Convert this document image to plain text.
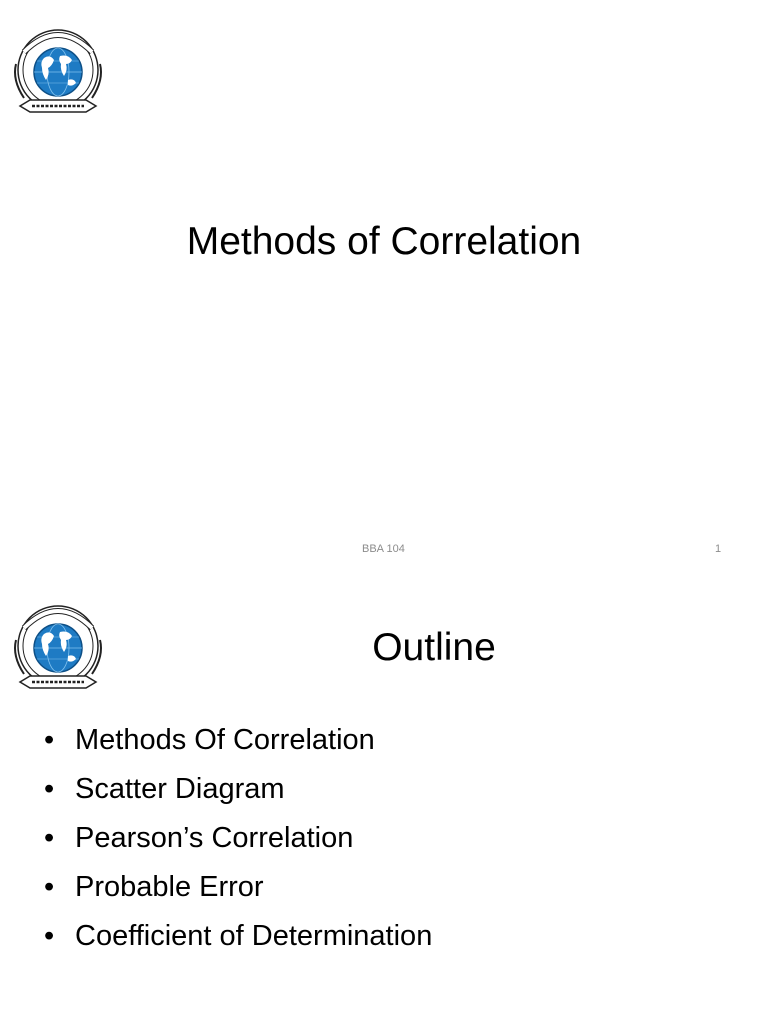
Methods of Correlation
BBA 104	1
Outline
• Methods Of Correlation
• Scatter Diagram
• Pearson’s Correlation
• Probable Error
• Coefficient of Determination
